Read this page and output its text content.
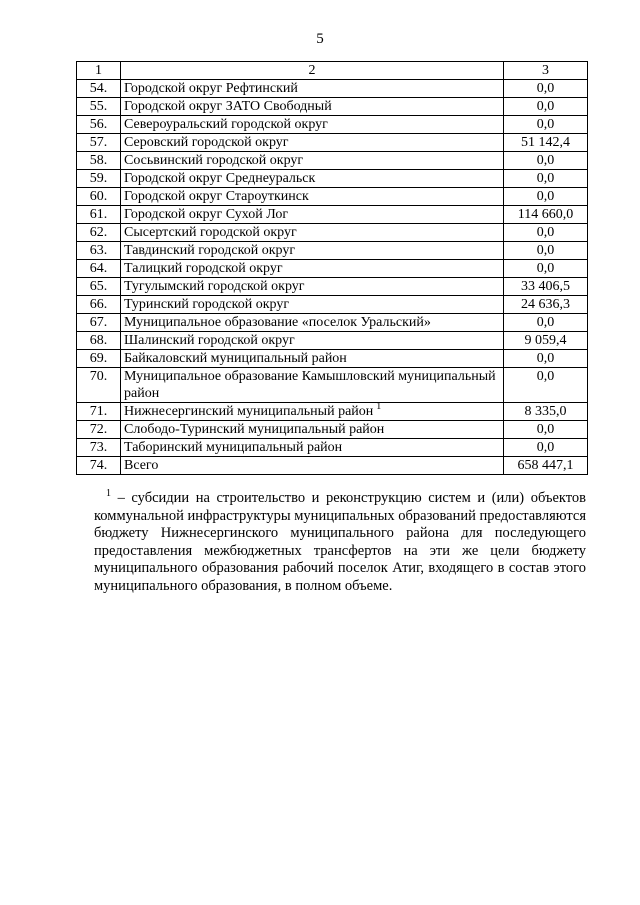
5
1	2	3
54.	Городской округ Рефтинский	0,0
55.	Городской округ ЗАТО Свободный	0,0
56.	Североуральский городской округ	0,0
57.	Серовский городской округ	51 142,4
58.	Сосьвинский городской округ	0,0
59.	Городской округ Среднеуральск	0,0
60.	Городской округ Староуткинск	0,0
61.	Городской округ Сухой Лог	114 660,0
62.	Сысертский городской округ	0,0
63.	Тавдинский городской округ	0,0
64.	Талицкий городской округ	0,0
65.	Тугулымский городской округ	33 406,5
66.	Туринский городской округ	24 636,3
67.	Муниципальное образование «поселок Уральский»	0,0
68.	Шалинский городской округ	9 059,4
69.	Байкаловский муниципальный район	0,0
70.	Муниципальное образование Камышловский муниципальный район	0,0
71.	Нижнесергинский муниципальный район $^1$	8 335,0
72.	Слободо-Туринский муниципальный район	0,0
73.	Таборинский муниципальный район	0,0
74.	Всего	658 447,1
$^1$ – субсидии на строительство и реконструкцию систем и (или) объектов коммунальной инфраструктуры муниципальных образований предоставляются бюджету Нижнесергинского муниципального района для последующего предоставления межбюджетных трансфертов на эти же цели бюджету муниципального образования рабочий поселок Атиг, входящего в состав этого муниципального образования, в полном объеме.
